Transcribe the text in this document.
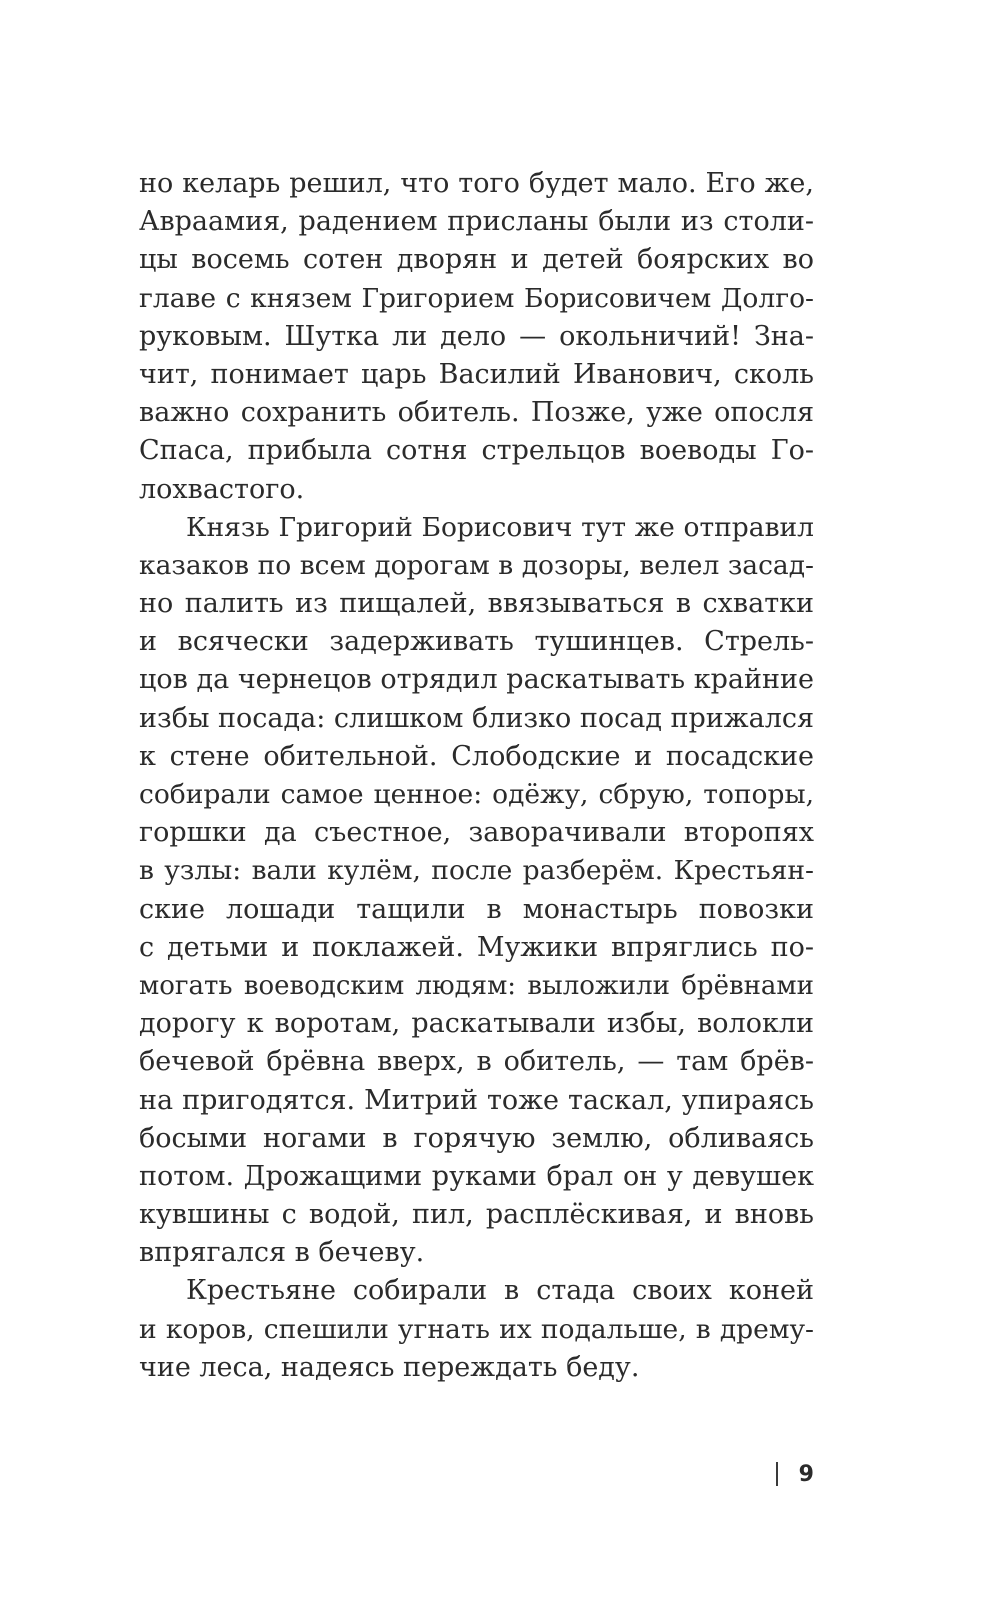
но келарь решил, что того будет мало. Его же,
Авраамия, радением присланы были из столи-
цы восемь сотен дворян и детей боярских во
главе с князем Григорием Борисовичем Долго-
руковым. Шутка ли дело — окольничий! Зна-
чит, понимает царь Василий Иванович, сколь
важно сохранить обитель. Позже, уже опосля
Спаса, прибыла сотня стрельцов воеводы Го-
лохвастого.
Князь Григорий Борисович тут же отправил
казаков по всем дорогам в дозоры, велел засад-
но палить из пищалей, ввязываться в схватки
и всячески задерживать тушинцев. Стрель-
цов да чернецов отрядил раскатывать крайние
избы посада: слишком близко посад прижался
к стене обительной. Слободские и посадские
собирали самое ценное: одёжу, сбрую, топоры,
горшки да съестное, заворачивали второпях
в узлы: вали кулём, после разберём. Крестьян-
ские лошади тащили в монастырь повозки
с детьми и поклажей. Мужики впряглись по-
могать воеводским людям: выложили брёвнами
дорогу к воротам, раскатывали избы, волокли
бечевой брёвна вверх, в обитель, — там брёв-
на пригодятся. Митрий тоже таскал, упираясь
босыми ногами в горячую землю, обливаясь
потом. Дрожащими руками брал он у девушек
кувшины с водой, пил, расплёскивая, и вновь
впрягался в бечеву.
Крестьяне собирали в стада своих коней
и коров, спешили угнать их подальше, в дрему-
чие леса, надеясь переждать беду.
9
